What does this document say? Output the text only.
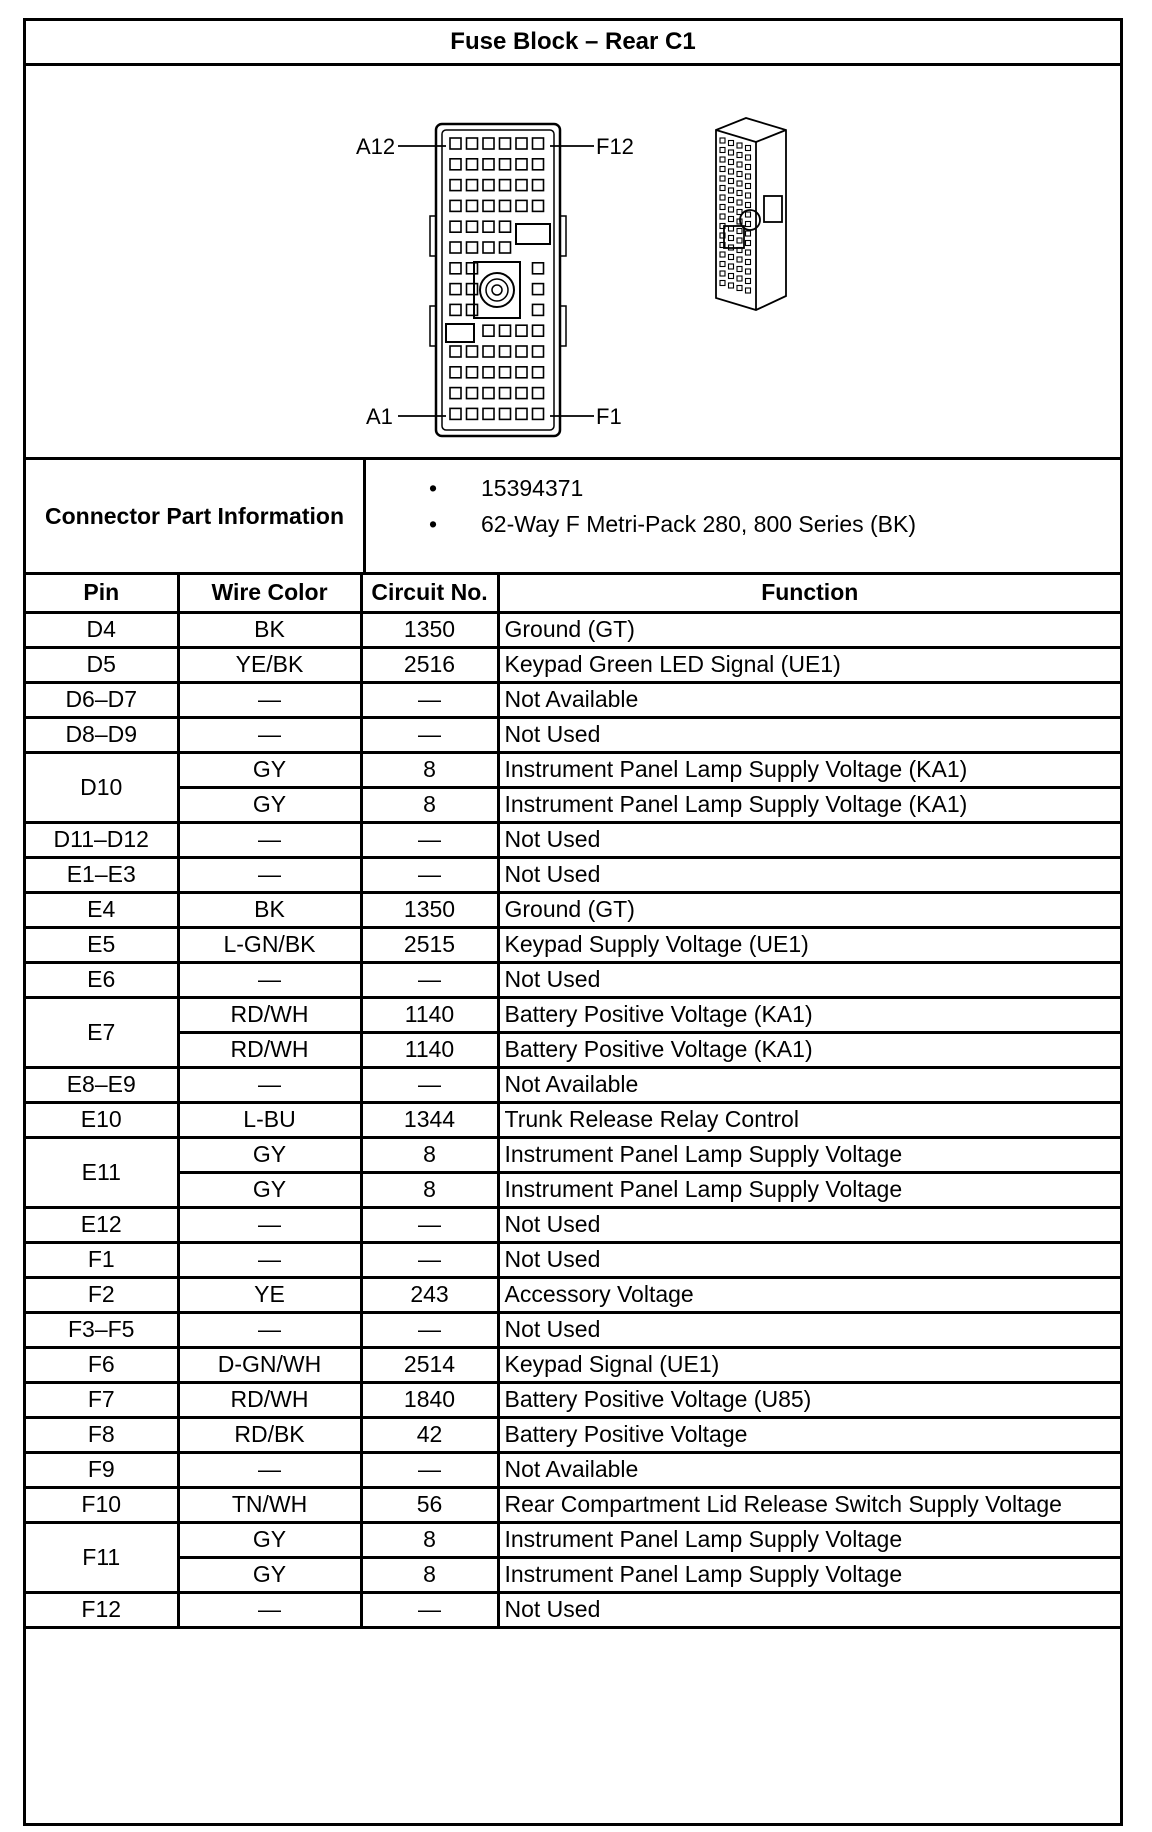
Fuse Block – Rear C1
A12	F12
A1	F1
Connector Part Information
• 15394371
• 62-Way F Metri-Pack 280, 800 Series (BK)
Pin	Wire Color	Circuit No.	Function
D4	BK	1350	Ground (GT)
D5	YE/BK	2516	Keypad Green LED Signal (UE1)
D6–D7	—	—	Not Available
D8–D9	—	—	Not Used
D10	GY	8	Instrument Panel Lamp Supply Voltage (KA1)
	GY	8	Instrument Panel Lamp Supply Voltage (KA1)
D11–D12	—	—	Not Used
E1–E3	—	—	Not Used
E4	BK	1350	Ground (GT)
E5	L-GN/BK	2515	Keypad Supply Voltage (UE1)
E6	—	—	Not Used
E7	RD/WH	1140	Battery Positive Voltage (KA1)
	RD/WH	1140	Battery Positive Voltage (KA1)
E8–E9	—	—	Not Available
E10	L-BU	1344	Trunk Release Relay Control
E11	GY	8	Instrument Panel Lamp Supply Voltage
	GY	8	Instrument Panel Lamp Supply Voltage
E12	—	—	Not Used
F1	—	—	Not Used
F2	YE	243	Accessory Voltage
F3–F5	—	—	Not Used
F6	D-GN/WH	2514	Keypad Signal (UE1)
F7	RD/WH	1840	Battery Positive Voltage (U85)
F8	RD/BK	42	Battery Positive Voltage
F9	—	—	Not Available
F10	TN/WH	56	Rear Compartment Lid Release Switch Supply Voltage
F11	GY	8	Instrument Panel Lamp Supply Voltage
	GY	8	Instrument Panel Lamp Supply Voltage
F12	—	—	Not Used
